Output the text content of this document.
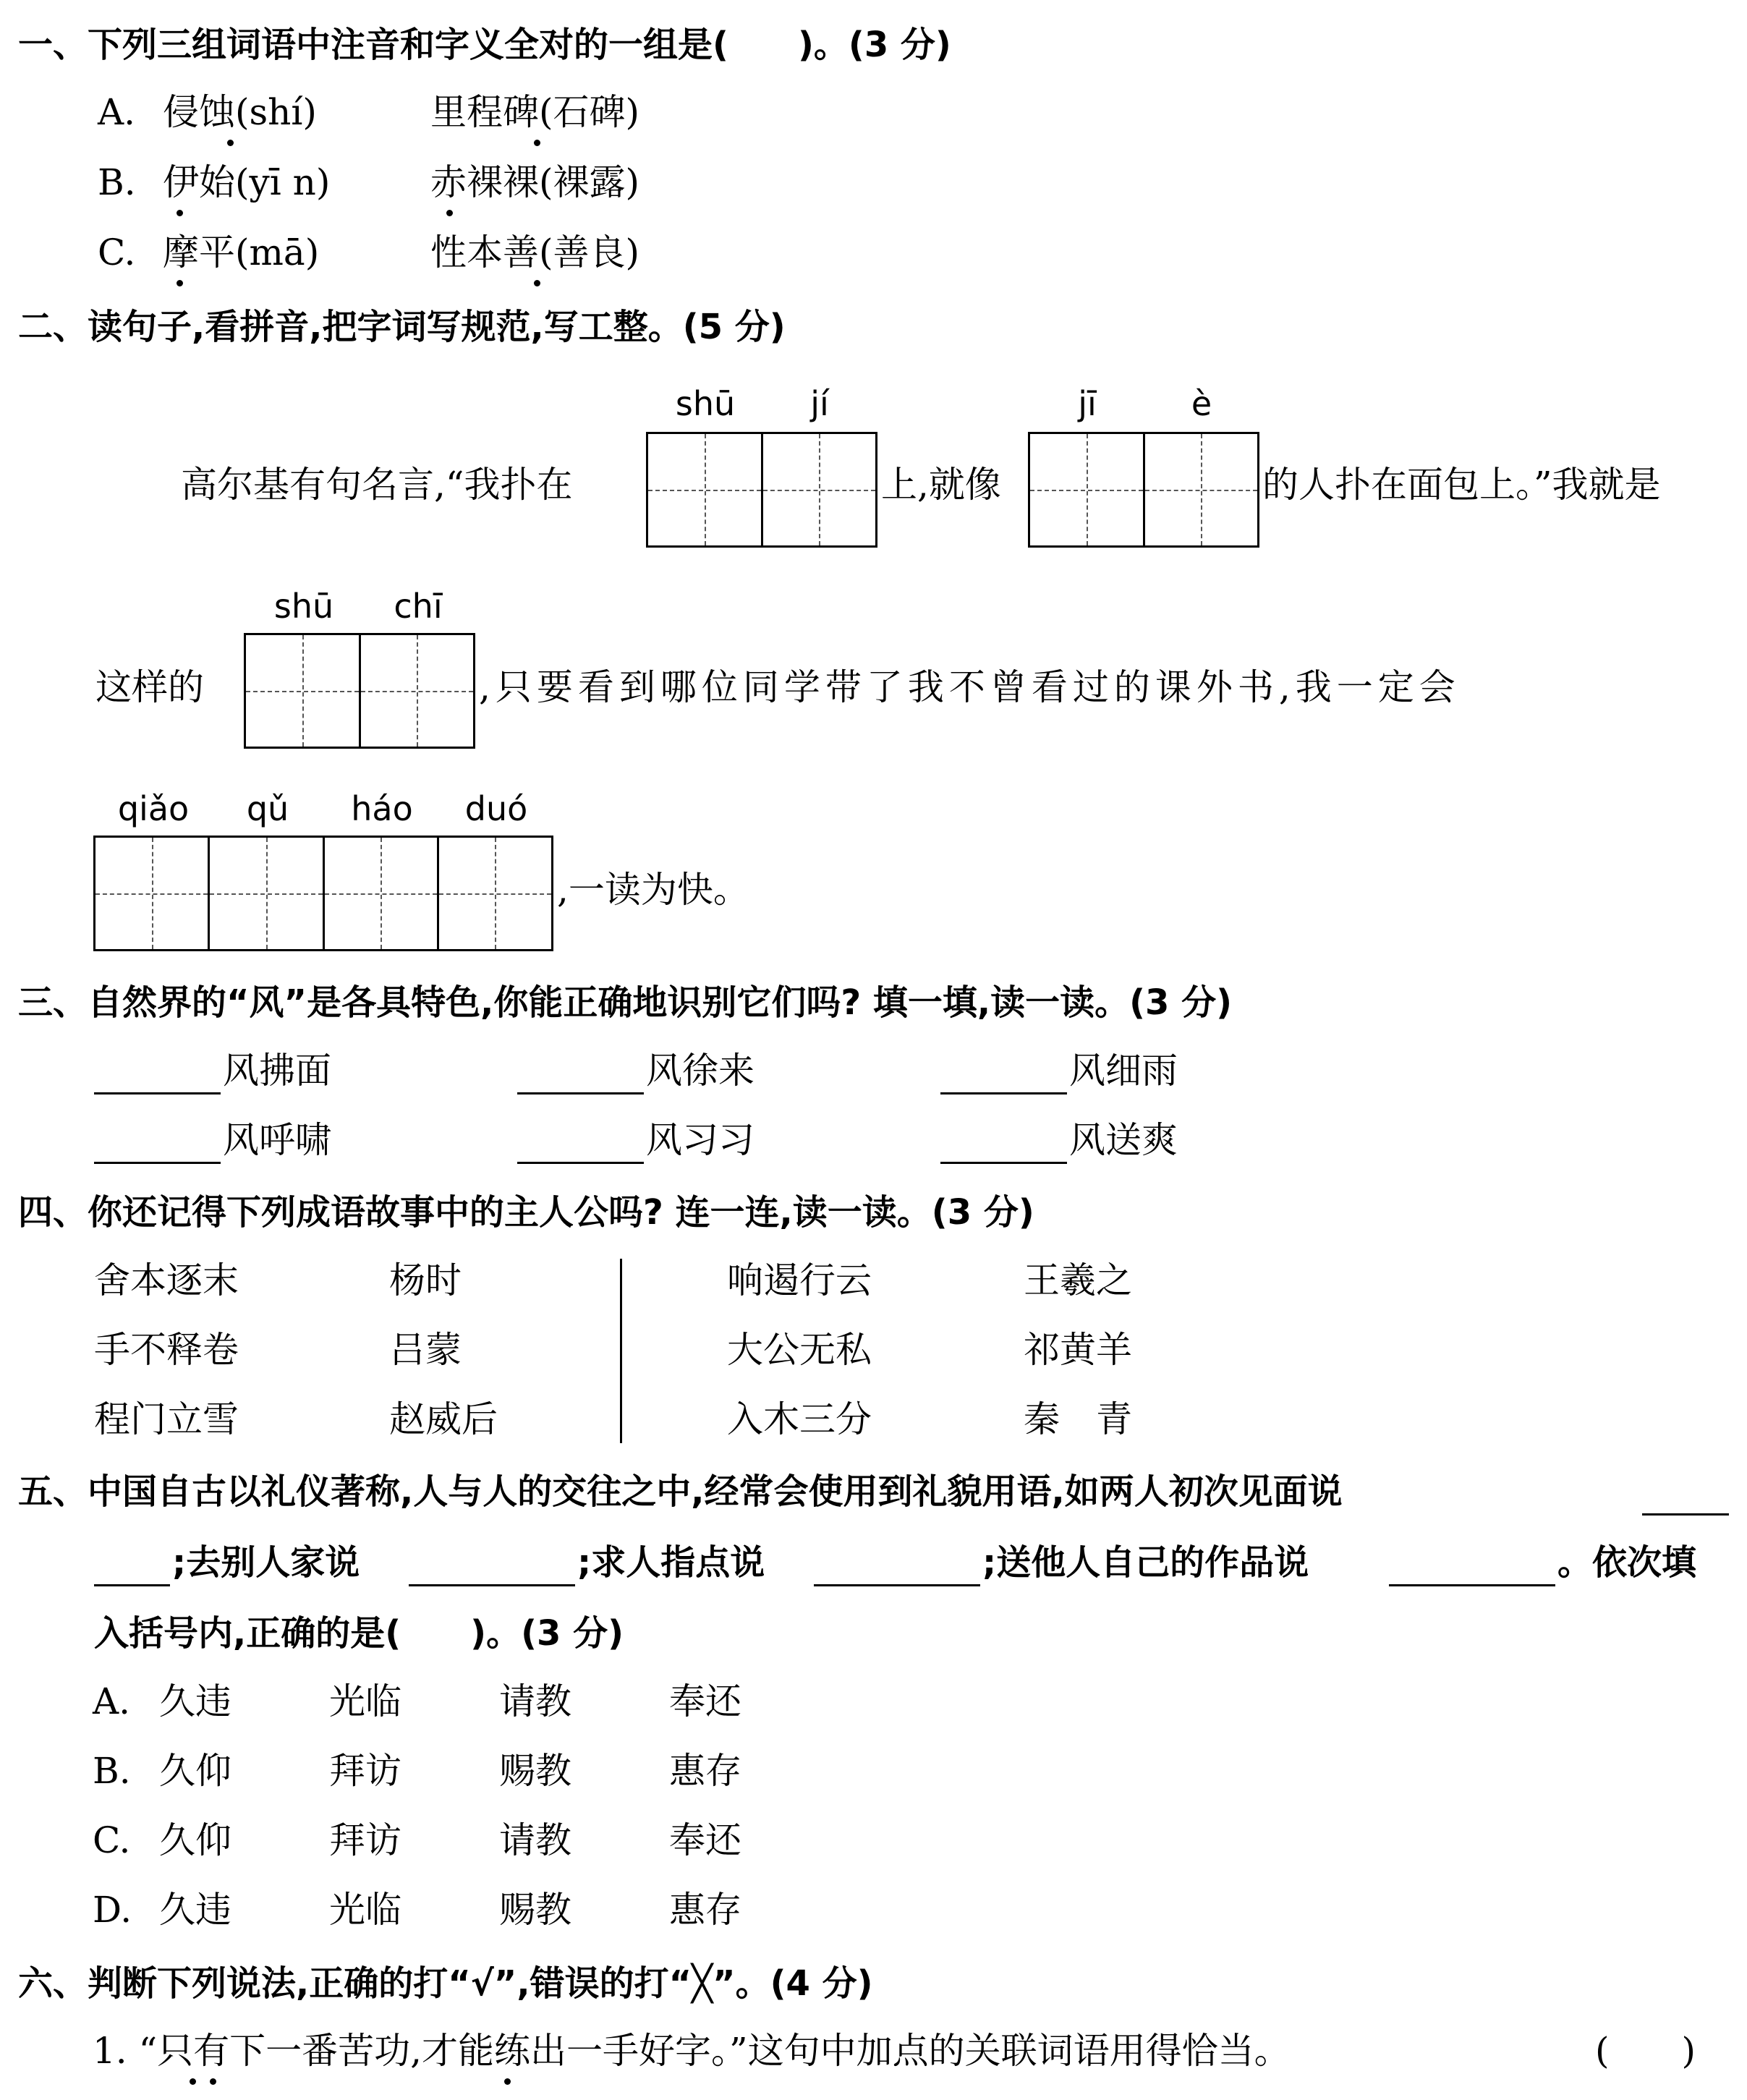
一、下列三组词语中注音和字义全对的一组是(　　)。(3 分)
A. 侵蚀(shí)	里程碑(石碑)
B. 伊始(yī n)	赤裸裸(裸露)
C. 摩平(mā)	性本善(善良)
二、读句子,看拼音,把字词写规范,写工整。(5 分)
shū	jí	jī	è
高尔基有句名言,“我扑在	上,就像	的人扑在面包上。”我就是
shū	chī
这样的	,只要看到哪位同学带了我不曾看过的课外书,我一定会
qiǎo	qǔ	háo	duó
,一读为快。
三、自然界的“风”是各具特色,你能正确地识别它们吗? 填一填,读一读。(3 分)
风拂面	风徐来	风细雨
风呼啸	风习习	风送爽
四、你还记得下列成语故事中的主人公吗? 连一连,读一读。(3 分)
舍本逐末	杨时	响遏行云	王羲之
手不释卷	吕蒙	大公无私	祁黄羊
程门立雪	赵威后	入木三分	秦　青
五、中国自古以礼仪著称,人与人的交往之中,经常会使用到礼貌用语,如两人初次见面说
;去别人家说	;求人指点说	;送他人自己的作品说	。依次填
入括号内,正确的是(　　)。(3 分)
A. 久违	光临	请教	奉还
B. 久仰	拜访	赐教	惠存
C. 久仰	拜访	请教	奉还
D. 久违	光临	赐教	惠存
六、判断下列说法,正确的打“√”,错误的打“╳”。(4 分)
1. “只有下一番苦功,才能练出一手好字。”这句中加点的关联词语用得恰当。	(　　)
